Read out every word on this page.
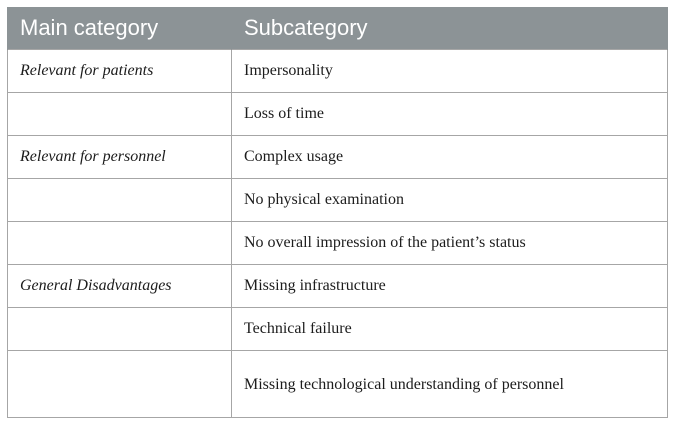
Main category	Subcategory
Relevant for patients	Impersonality
	Loss of time
Relevant for personnel	Complex usage
	No physical examination
	No overall impression of the patient’s status
General Disadvantages	Missing infrastructure
	Technical failure

	Missing technological understanding of personnel
